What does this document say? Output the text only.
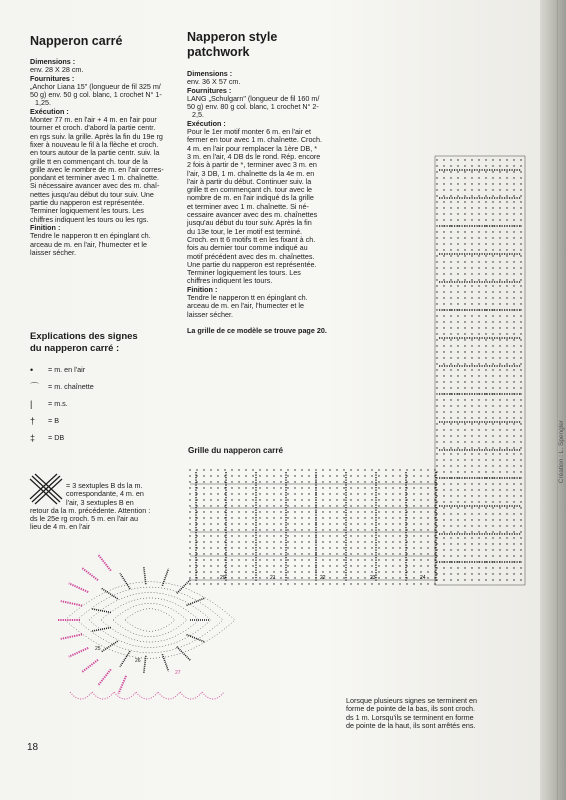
Napperon carré
Dimensions :
env. 28 X 28 cm.
Fournitures :
„Anchor Liana 15" (longueur de fil 325 m/
50 g) env. 50 g col. blanc, 1 crochet N° 1-
1,25.
Exécution :
Monter 77 m. en l'air + 4 m. en l'air pour
tourner et croch. d'abord la partie centr.
en rgs suiv. la grille. Après la fin du 19e rg
fixer à nouveau le fil à la flèche et croch.
en tours autour de la partie centr. suiv. la
grille tt en commençant ch. tour de la
grille avec le nombre de m. en l'air corres-
pondant et terminer avec 1 m. chaînette.
Si nécessaire avancer avec des m. chaî-
nettes jusqu'au début du tour suiv. Une
partie du napperon est représentée.
Terminer logiquement les tours. Les
chiffres indiquent les tours ou les rgs.
Finition :
Tendre le napperon tt en épinglant ch.
arceau de m. en l'air, l'humecter et le
laisser sécher.
Explications des signes
du napperon carré :
•	= m. en l'air
⌒	= m. chaînette
|	= m.s.
†	= B
‡	= DB
= 3 sextuples B ds la m.
correspondante, 4 m. en
l'air, 3 sextuples B en
retour da la m. précédente. Attention :
ds le 25e rg croch. 5 m. en l'air au
lieu de 4 m. en l'air
Napperon style
patchwork
Dimensions :
env. 36 X 57 cm.
Fournitures :
LANG „Schulgarn" (longueur de fil 160 m/
50 g) env. 80 g col. blanc, 1 crochet N° 2-
2,5.
Exécution :
Pour le 1er motif monter 6 m. en l'air et
fermer en tour avec 1 m. chaînette. Croch.
4 m. en l'air pour remplacer la 1ère DB, *
3 m. en l'air, 4 DB ds le rond. Rép. encore
2 fois à partir de *, terminer avec 3 m. en
l'air, 3 DB, 1 m. chaînette ds la 4e m. en
l'air à partir du début. Continuer suiv. la
grille tt en commençant ch. tour avec le
nombre de m. en l'air indiqué ds la grille
et terminer avec 1 m. chaînette. Si né-
cessaire avancer avec des m. chaînettes
jusqu'au début du tour suiv. Après la fin
du 13e tour, le 1er motif est terminé.
Croch. en tt 6 motifs tt en les fixant à ch.
fois au dernier tour comme indiqué au
motif précédent avec des m. chaînettes.
Une partie du napperon est représentée.
Terminer logiquement les tours. Les
chiffres indiquent les tours.
Finition :
Tendre le napperon tt en épinglant ch.
arceau de m. en l'air, l'humecter et le
laisser sécher.
La grille de ce modèle se trouve page 20.
Grille du napperon carré
20	21	22	23	24
25
26
27
Création : L. Spengler
18
Lorsque plusieurs signes se terminent en
forme de pointe de la bas, ils sont croch.
ds 1 m. Lorsqu'ils se terminent en forme
de pointe de la haut, ils sont arrêtés ens.
